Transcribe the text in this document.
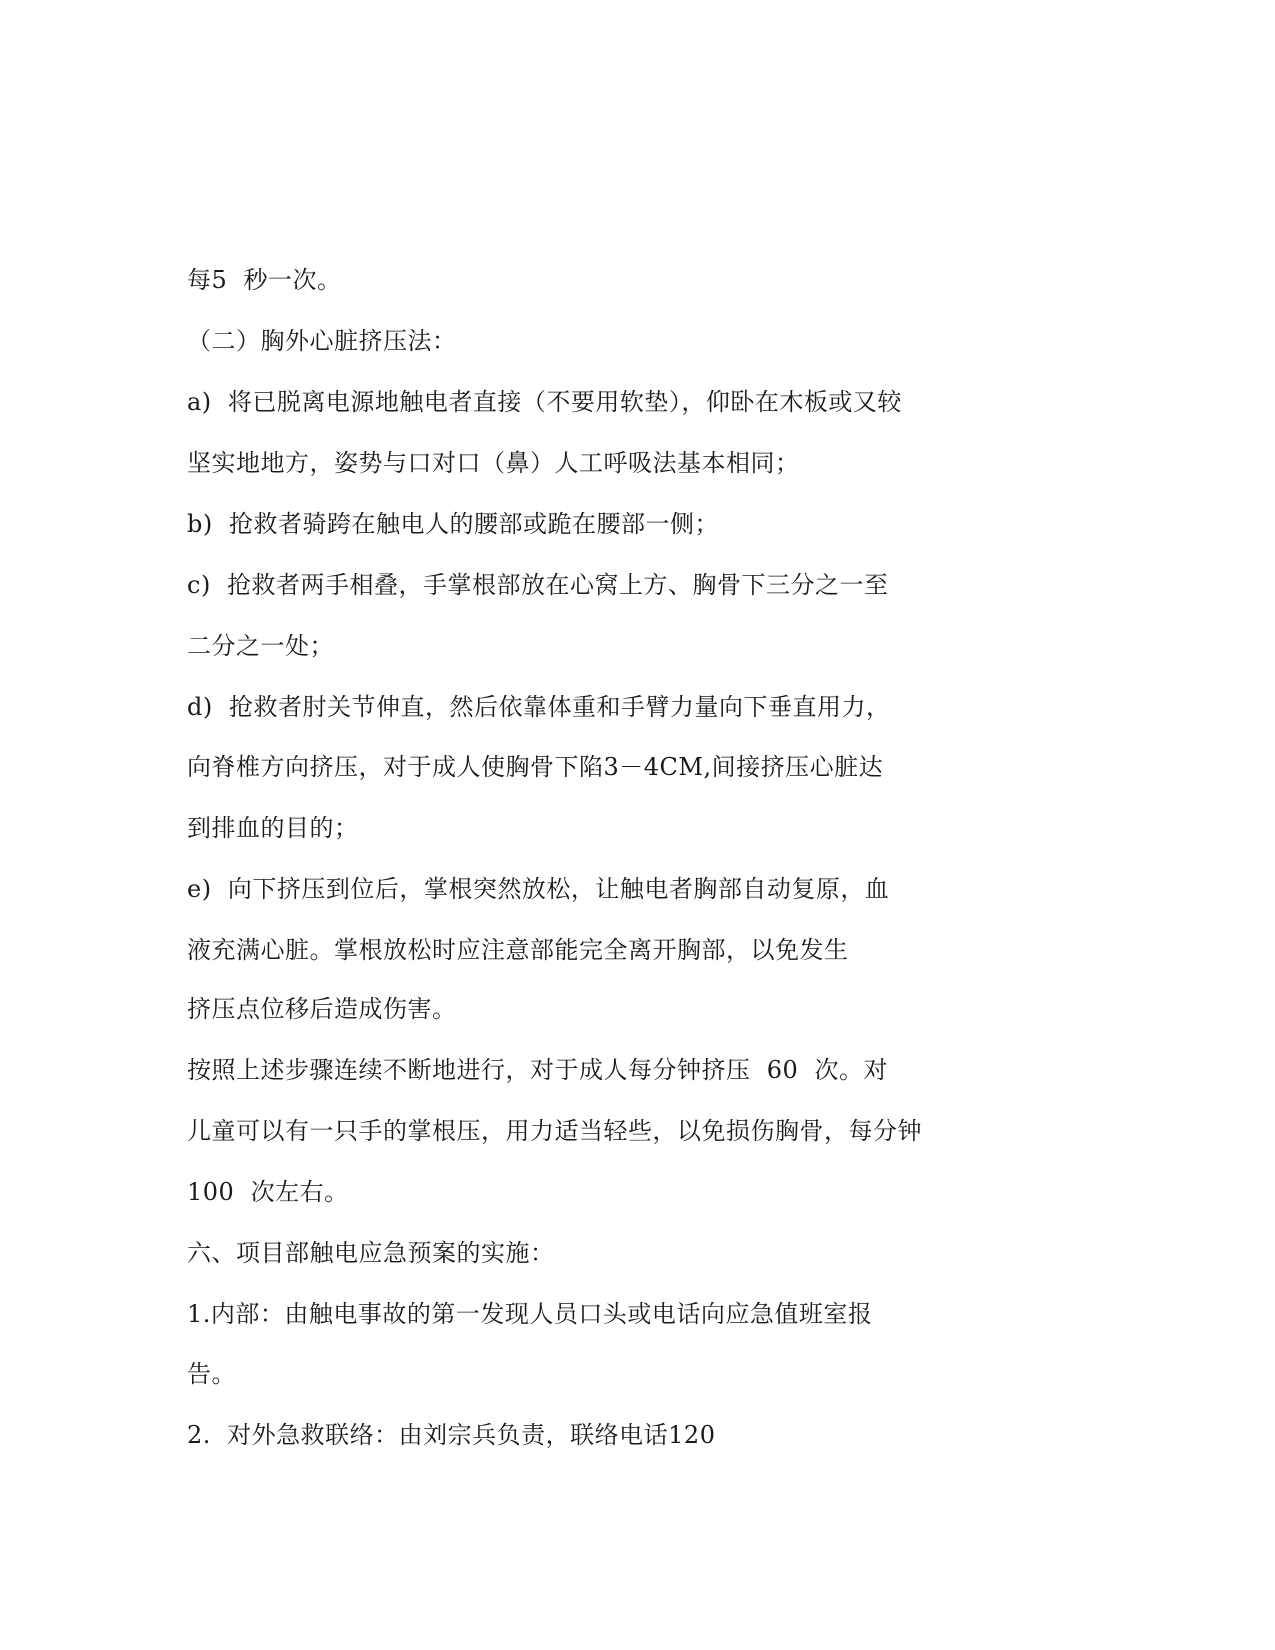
每5  秒一次。
（二）胸外心脏挤压法：
a)  将已脱离电源地触电者直接（不要用软垫），仰卧在木板或又较
坚实地地方，姿势与口对口（鼻）人工呼吸法基本相同；
b)  抢救者骑跨在触电人的腰部或跪在腰部一侧；
c)  抢救者两手相叠，手掌根部放在心窝上方、胸骨下三分之一至
二分之一处；
d)  抢救者肘关节伸直，然后依靠体重和手臂力量向下垂直用力，
向脊椎方向挤压，对于成人使胸骨下陷3－4CM,间接挤压心脏达
到排血的目的；
e)  向下挤压到位后，掌根突然放松，让触电者胸部自动复原，血
液充满心脏。掌根放松时应注意部能完全离开胸部，以免发生
挤压点位移后造成伤害。
按照上述步骤连续不断地进行，对于成人每分钟挤压  60  次。对
儿童可以有一只手的掌根压，用力适当轻些，以免损伤胸骨，每分钟
100  次左右。
六、项目部触电应急预案的实施：
1.内部：由触电事故的第一发现人员口头或电话向应急值班室报
告。
2.  对外急救联络：由刘宗兵负责，联络电话120
